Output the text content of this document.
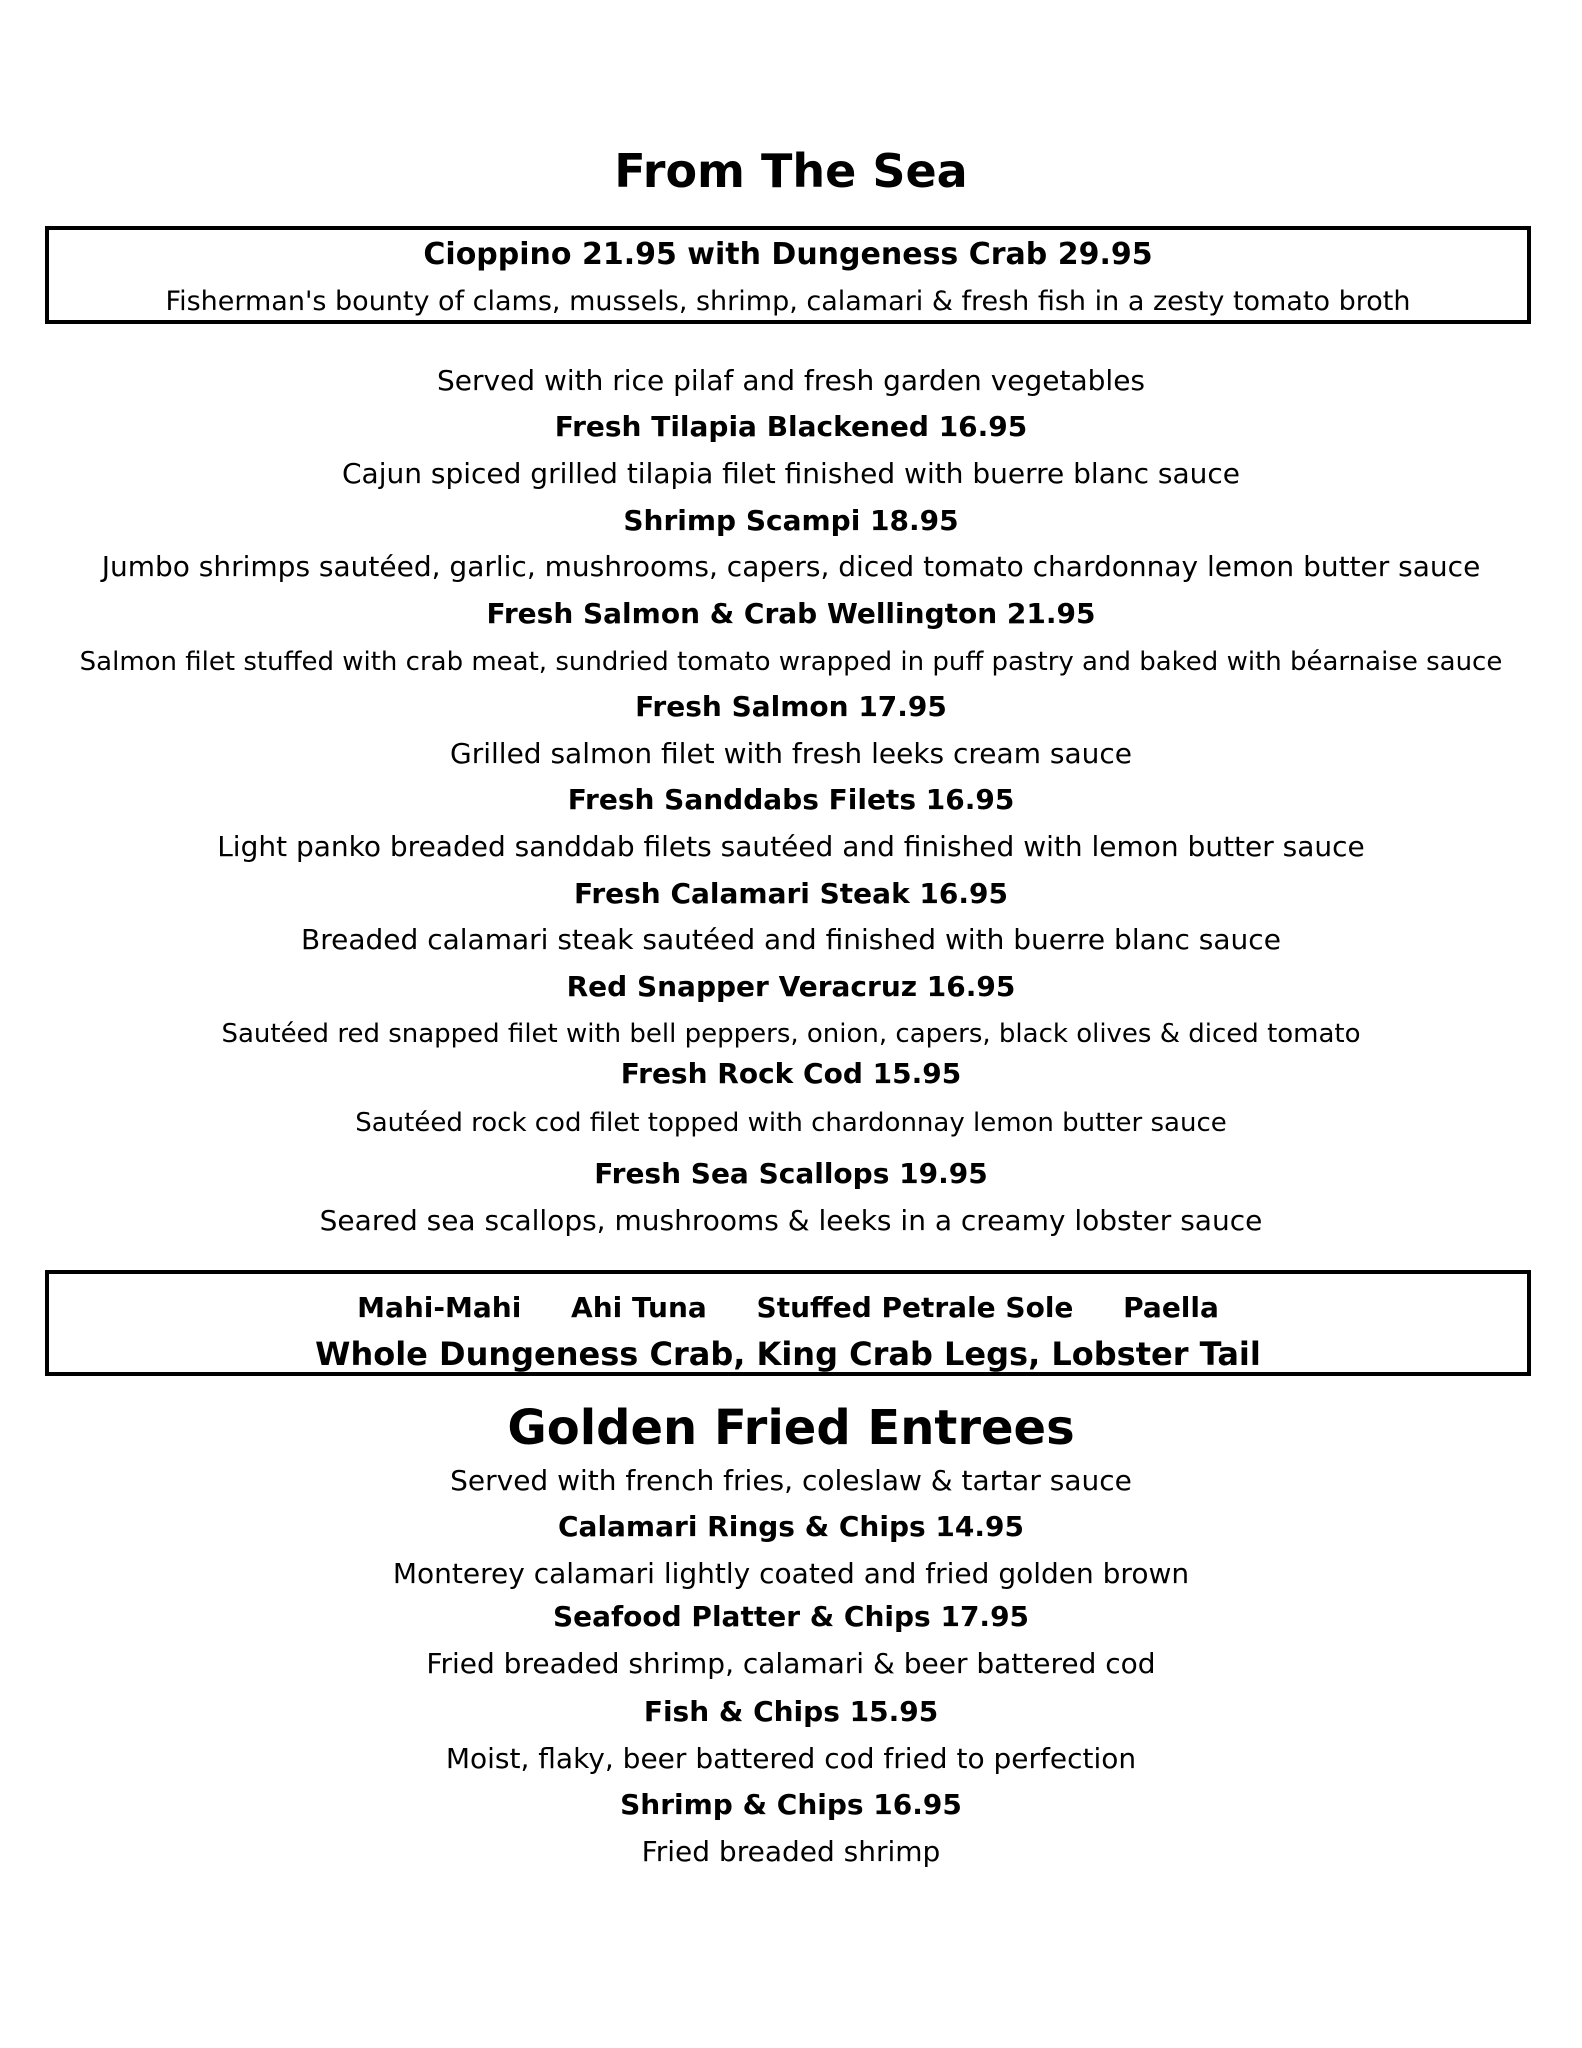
From The Sea
Cioppino 21.95 with Dungeness Crab 29.95
Fisherman's bounty of clams, mussels, shrimp, calamari & fresh fish in a zesty tomato broth
Served with rice pilaf and fresh garden vegetables
Fresh Tilapia Blackened 16.95
Cajun spiced grilled tilapia filet finished with buerre blanc sauce
Shrimp Scampi 18.95
Jumbo shrimps sautéed, garlic, mushrooms, capers, diced tomato chardonnay lemon butter sauce
Fresh Salmon & Crab Wellington 21.95
Salmon filet stuffed with crab meat, sundried tomato wrapped in puff pastry and baked with béarnaise sauce
Fresh Salmon 17.95
Grilled salmon filet with fresh leeks cream sauce
Fresh Sanddabs Filets 16.95
Light panko breaded sanddab filets sautéed and finished with lemon butter sauce
Fresh Calamari Steak 16.95
Breaded calamari steak sautéed and finished with buerre blanc sauce
Red Snapper Veracruz 16.95
Sautéed red snapped filet with bell peppers, onion, capers, black olives & diced tomato
Fresh Rock Cod 15.95
Sautéed rock cod filet topped with chardonnay lemon butter sauce
Fresh Sea Scallops 19.95
Seared sea scallops, mushrooms & leeks in a creamy lobster sauce
Mahi-Mahi Ahi Tuna Stuffed Petrale Sole Paella
Whole Dungeness Crab, King Crab Legs, Lobster Tail
Golden Fried Entrees
Served with french fries, coleslaw & tartar sauce
Calamari Rings & Chips 14.95
Monterey calamari lightly coated and fried golden brown
Seafood Platter & Chips 17.95
Fried breaded shrimp, calamari & beer battered cod
Fish & Chips 15.95
Moist, flaky, beer battered cod fried to perfection
Shrimp & Chips 16.95
Fried breaded shrimp
